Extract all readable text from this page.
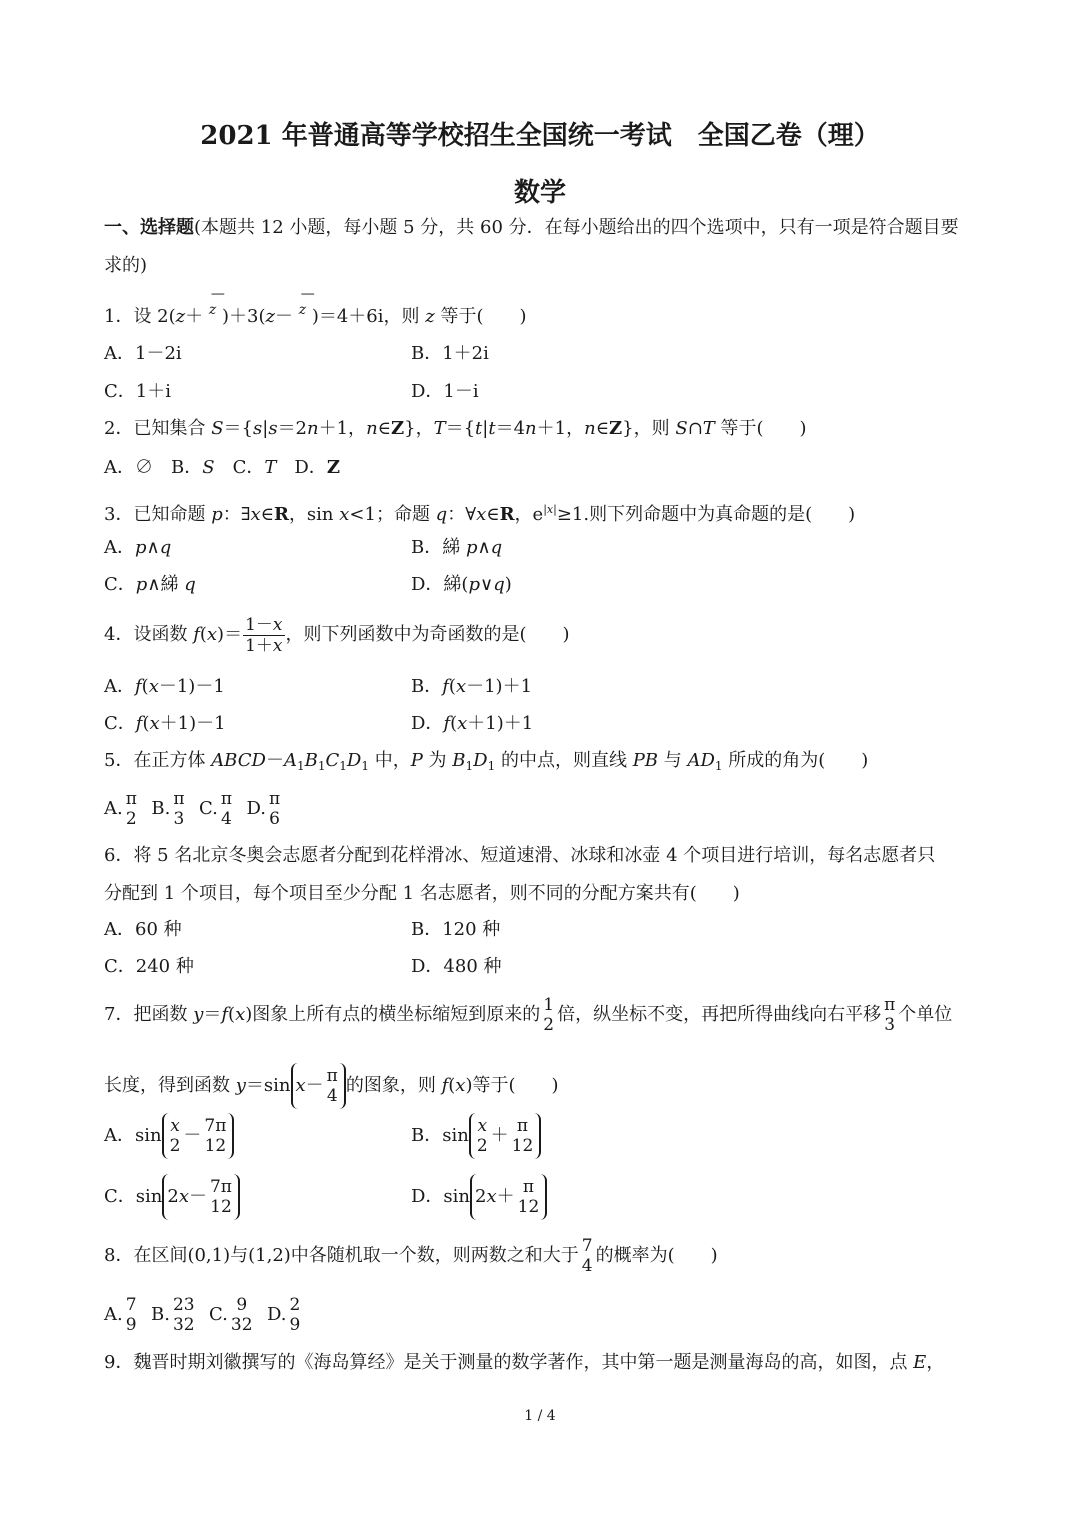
2021 年普通高等学校招生全国统一考试　全国乙卷（理）
数学
一、选择题(本题共 12 小题，每小题 5 分，共 60 分．在每小题给出的四个选项中，只有一项是符合题目要
求的)
1．设 2(z＋
—
$^z$ )＋3(z－
—
$^z$ )＝4＋6i，则 z 等于(　　)
A．1－2i	B．1＋2i
C．1＋i	D．1－i
2．已知集合 S＝{s|s＝2n＋1，n∈Z}，T＝{t|t＝4n＋1，n∈Z}，则 S∩T 等于(　　)
A．∅　B．S　C．T　D．Z
3．已知命题 p：∃x∈R，sin x<1；命题 q：∀x∈R，$e^{|x|}\ge 1$.则下列命题中为真命题的是(　　)
A．p∧q	B．綈 p∧q
C．p∧綈 q	D．綈(p∨q)
4．设函数 $f(x)= \frac{1-x}{1+x}$ ，则下列函数中为奇函数的是(　　)
A．f(x－1)－1	B．f(x－1)＋1
C．f(x＋1)－1	D．f(x＋1)＋1
5．在正方体 $ABCD-A_1B_1C_1D_1$ 中，P 为 $B_1D_1$ 的中点，则直线 PB 与 $AD_1$ 所成的角为(　　)
A. π
2 B. π
3 C. π
4 D. π
6
6．将 5 名北京冬奥会志愿者分配到花样滑冰、短道速滑、冰球和冰壶 4 个项目进行培训，每名志愿者只
分配到 1 个项目，每个项目至少分配 1 名志愿者，则不同的分配方案共有(　　)
A．60 种	B．120 种
C．240 种	D．480 种
7．把函数 y＝f(x)图象上所有点的横坐标缩短到原来的 1
2 倍，纵坐标不变，再把所得曲线向右平移 π
3 个单位
长度，得到函数 y＝sin x － π
4 的图象，则 f(x)等于(　　)
A．sin x
2 － 7π
12	B．sin x
2 ＋ π
12
C．sin 2 x － 7π
12	D．sin 2 x ＋ π
12
8．在区间(0,1)与(1,2)中各随机取一个数，则两数之和大于 7
4 的概率为(　　)
A. 7
9 B. 23
32 C. 9
32 D. 2
9
9．魏晋时期刘徽撰写的《海岛算经》是关于测量的数学著作，其中第一题是测量海岛的高，如图，点 E，
1 / 4
